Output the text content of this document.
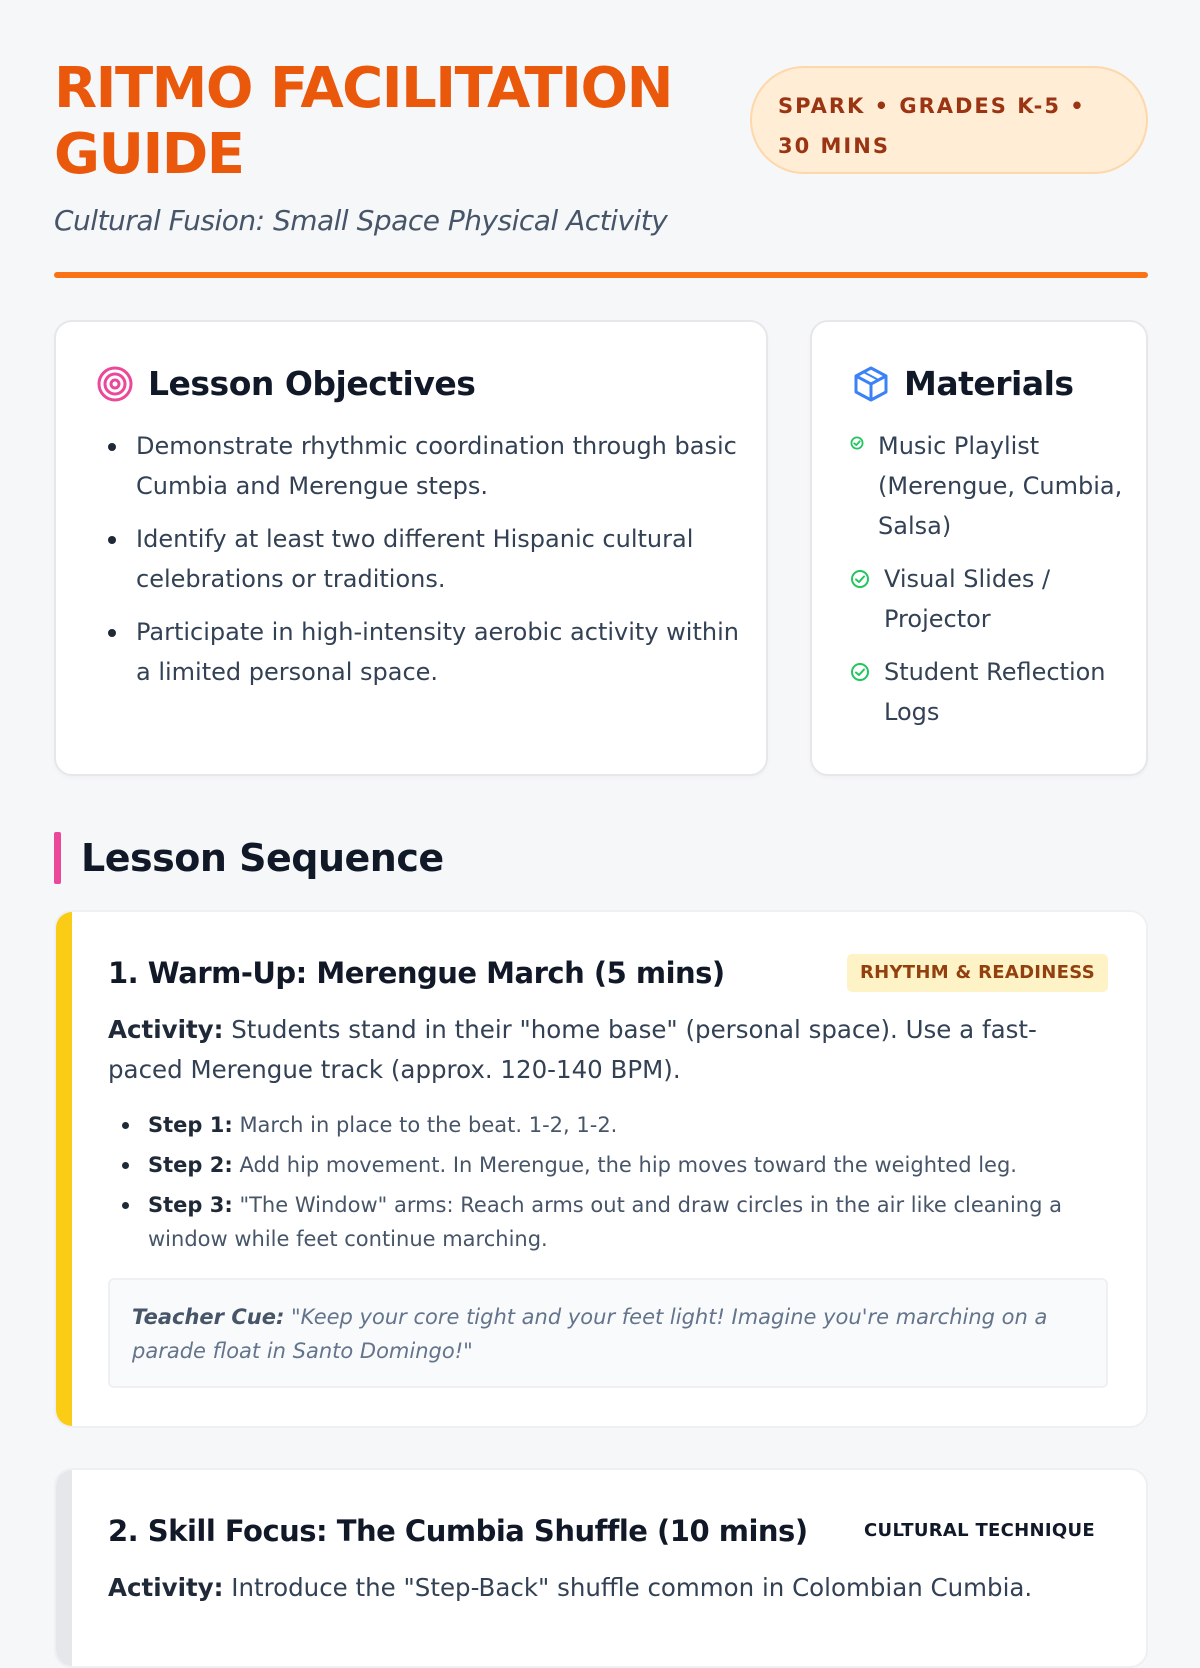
RITMO FACILITATION GUIDE
SPARK • GRADES K-5 • 30 MINS

Cultural Fusion: Small Space Physical Activity

Lesson Objectives
Demonstrate rhythmic coordination through basic Cumbia and Merengue steps.
Identify at least two different Hispanic cultural celebrations or traditions.
Participate in high-intensity aerobic activity within a limited personal space.
Materials
Music Playlist (Merengue, Cumbia, Salsa)
Visual Slides / Projector
Student Reflection Logs
Lesson Sequence
1. Warm-Up: Merengue March (5 mins)	RHYTHM & READINESS

Activity: Students stand in their "home base" (personal space). Use a fast-paced Merengue track (approx. 120-140 BPM).

Step 1: March in place to the beat. 1-2, 1-2.
Step 2: Add hip movement. In Merengue, the hip moves toward the weighted leg.
Step 3: "The Window" arms: Reach arms out and draw circles in the air like cleaning a window while feet continue marching.
Teacher Cue: "Keep your core tight and your feet light! Imagine you're marching on a parade float in Santo Domingo!"
2. Skill Focus: The Cumbia Shuffle (10 mins)	CULTURAL TECHNIQUE

Activity: Introduce the "Step-Back" shuffle common in Colombian Cumbia.
